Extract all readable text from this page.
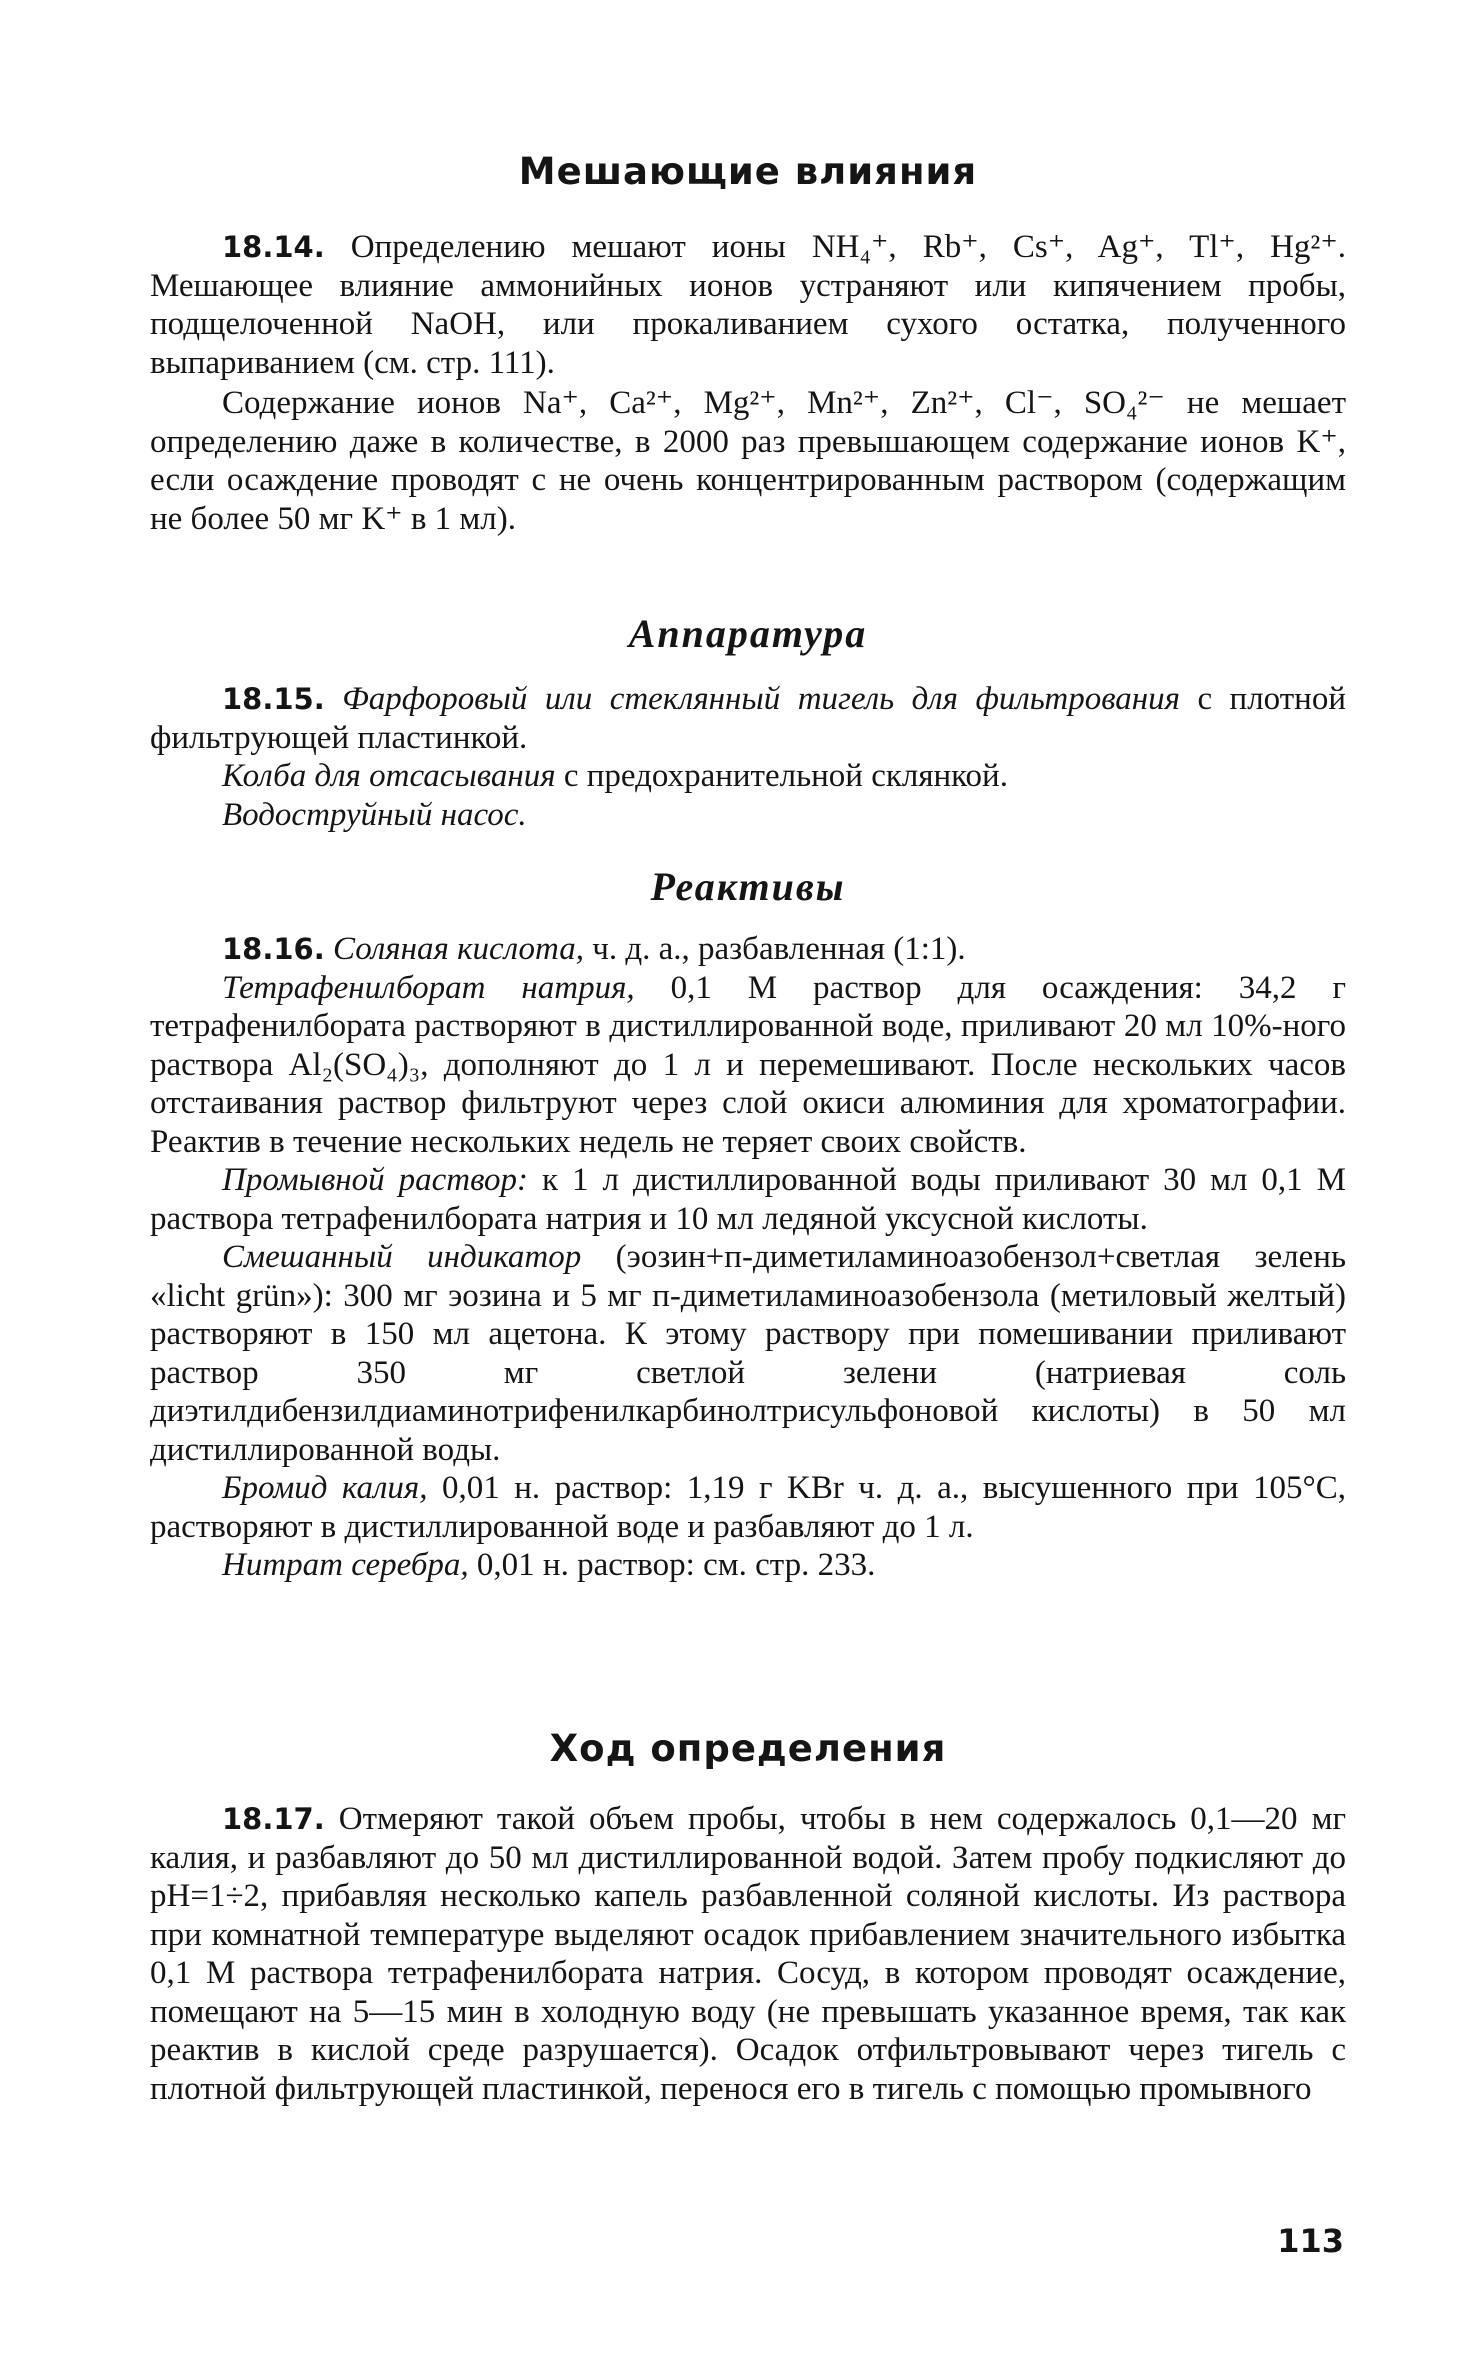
Мешающие влияния

18.14. Определению мешают ионы NH₄⁺, Rb⁺, Cs⁺, Ag⁺, Tl⁺, Hg²⁺. Мешающее влияние аммонийных ионов устраняют или кипячением пробы, подщелоченной NaOH, или прокаливанием сухого остатка, полученного выпариванием (см. стр. 111).

Содержание ионов Na⁺, Ca²⁺, Mg²⁺, Mn²⁺, Zn²⁺, Cl⁻, SO₄²⁻ не мешает определению даже в количестве, в 2000 раз превышающем содержание ионов K⁺, если осаждение проводят с не очень концентрированным раствором (содержащим не более 50 мг K⁺ в 1 мл).

Аппаратура

18.15. Фарфоровый или стеклянный тигель для фильтрования с плотной фильтрующей пластинкой.

Колба для отсасывания с предохранительной склянкой.

Водоструйный насос.

Реактивы

18.16. Соляная кислота, ч. д. а., разбавленная (1:1).

Тетрафенилборат натрия, 0,1 М раствор для осаждения: 34,2 г тетрафенилбората растворяют в дистиллированной воде, приливают 20 мл 10%-ного раствора Al₂(SO₄)₃, дополняют до 1 л и перемешивают. После нескольких часов отстаивания раствор фильтруют через слой окиси алюминия для хроматографии. Реактив в течение нескольких недель не теряет своих свойств.

Промывной раствор: к 1 л дистиллированной воды приливают 30 мл 0,1 М раствора тетрафенилбората натрия и 10 мл ледяной уксусной кислоты.

Смешанный индикатор (эозин+п-диметиламиноазобензол+светлая зелень «licht grün»): 300 мг эозина и 5 мг п-диметиламиноазобензола (метиловый желтый) растворяют в 150 мл ацетона. К этому раствору при помешивании приливают раствор 350 мг светлой зелени (натриевая соль диэтилдибензилдиаминотрифенилкарбинолтрисульфоновой кислоты) в 50 мл дистиллированной воды.

Бромид калия, 0,01 н. раствор: 1,19 г KBr ч. д. а., высушенного при 105°C, растворяют в дистиллированной воде и разбавляют до 1 л.

Нитрат серебра, 0,01 н. раствор: см. стр. 233.

Ход определения

18.17. Отмеряют такой объем пробы, чтобы в нем содержалось 0,1—20 мг калия, и разбавляют до 50 мл дистиллированной водой. Затем пробу подкисляют до pH=1÷2, прибавляя несколько капель разбавленной соляной кислоты. Из раствора при комнатной температуре выделяют осадок прибавлением значительного избытка 0,1 М раствора тетрафенилбората натрия. Сосуд, в котором проводят осаждение, помещают на 5—15 мин в холодную воду (не превышать указанное время, так как реактив в кислой среде разрушается). Осадок отфильтровывают через тигель с плотной фильтрующей пластинкой, перенося его в тигель с помощью промывного

113
